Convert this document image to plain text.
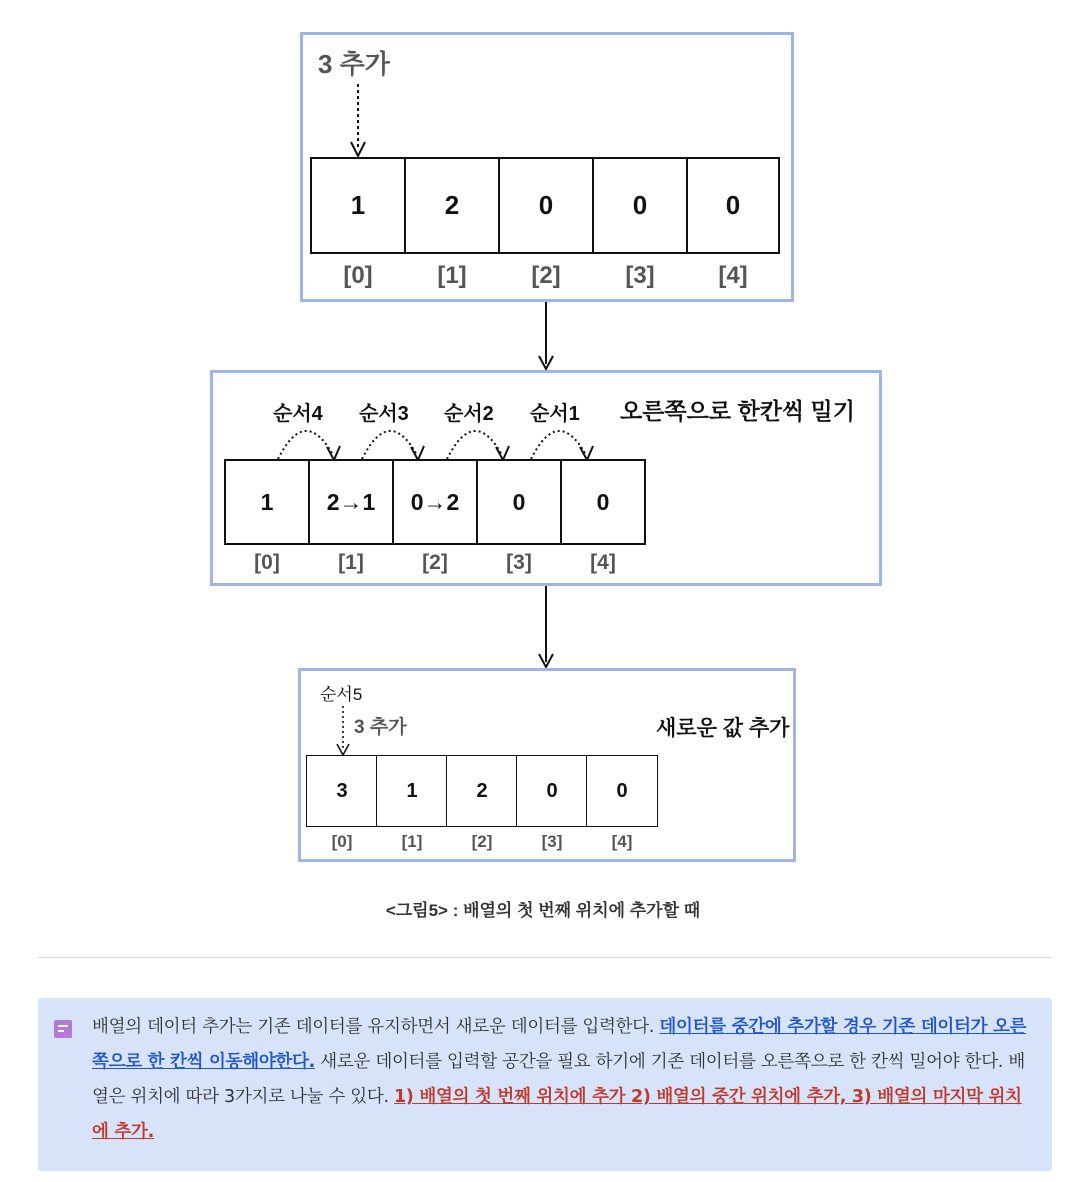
3 추가
1	2	0	0	0
[0]	[1]	[2]	[3]	[4]
순서4 순서3 순서2 순서1 오른쪽으로 한칸씩 밀기
1	2→1	0→2	0	0
[0]	[1]	[2]	[3]	[4]
순서5
3 추가	새로운 값 추가
3	1	2	0	0
[0]	[1]	[2]	[3]	[4]
<그림5> : 배열의 첫 번째 위치에 추가할 때
배열의 데이터 추가는 기존 데이터를 유지하면서 새로운 데이터를 입력한다. 데이터를 중간에 추가할 경우 기존 데이터가 오른쪽으로 한 칸씩 이동해야한다. 새로운 데이터를 입력할 공간을 필요 하기에 기존 데이터를 오른쪽으로 한 칸씩 밀어야 한다. 배열은 위치에 따라 3가지로 나눌 수 있다. 1) 배열의 첫 번째 위치에 추가 2) 배열의 중간 위치에 추가, 3) 배열의 마지막 위치에 추가.
